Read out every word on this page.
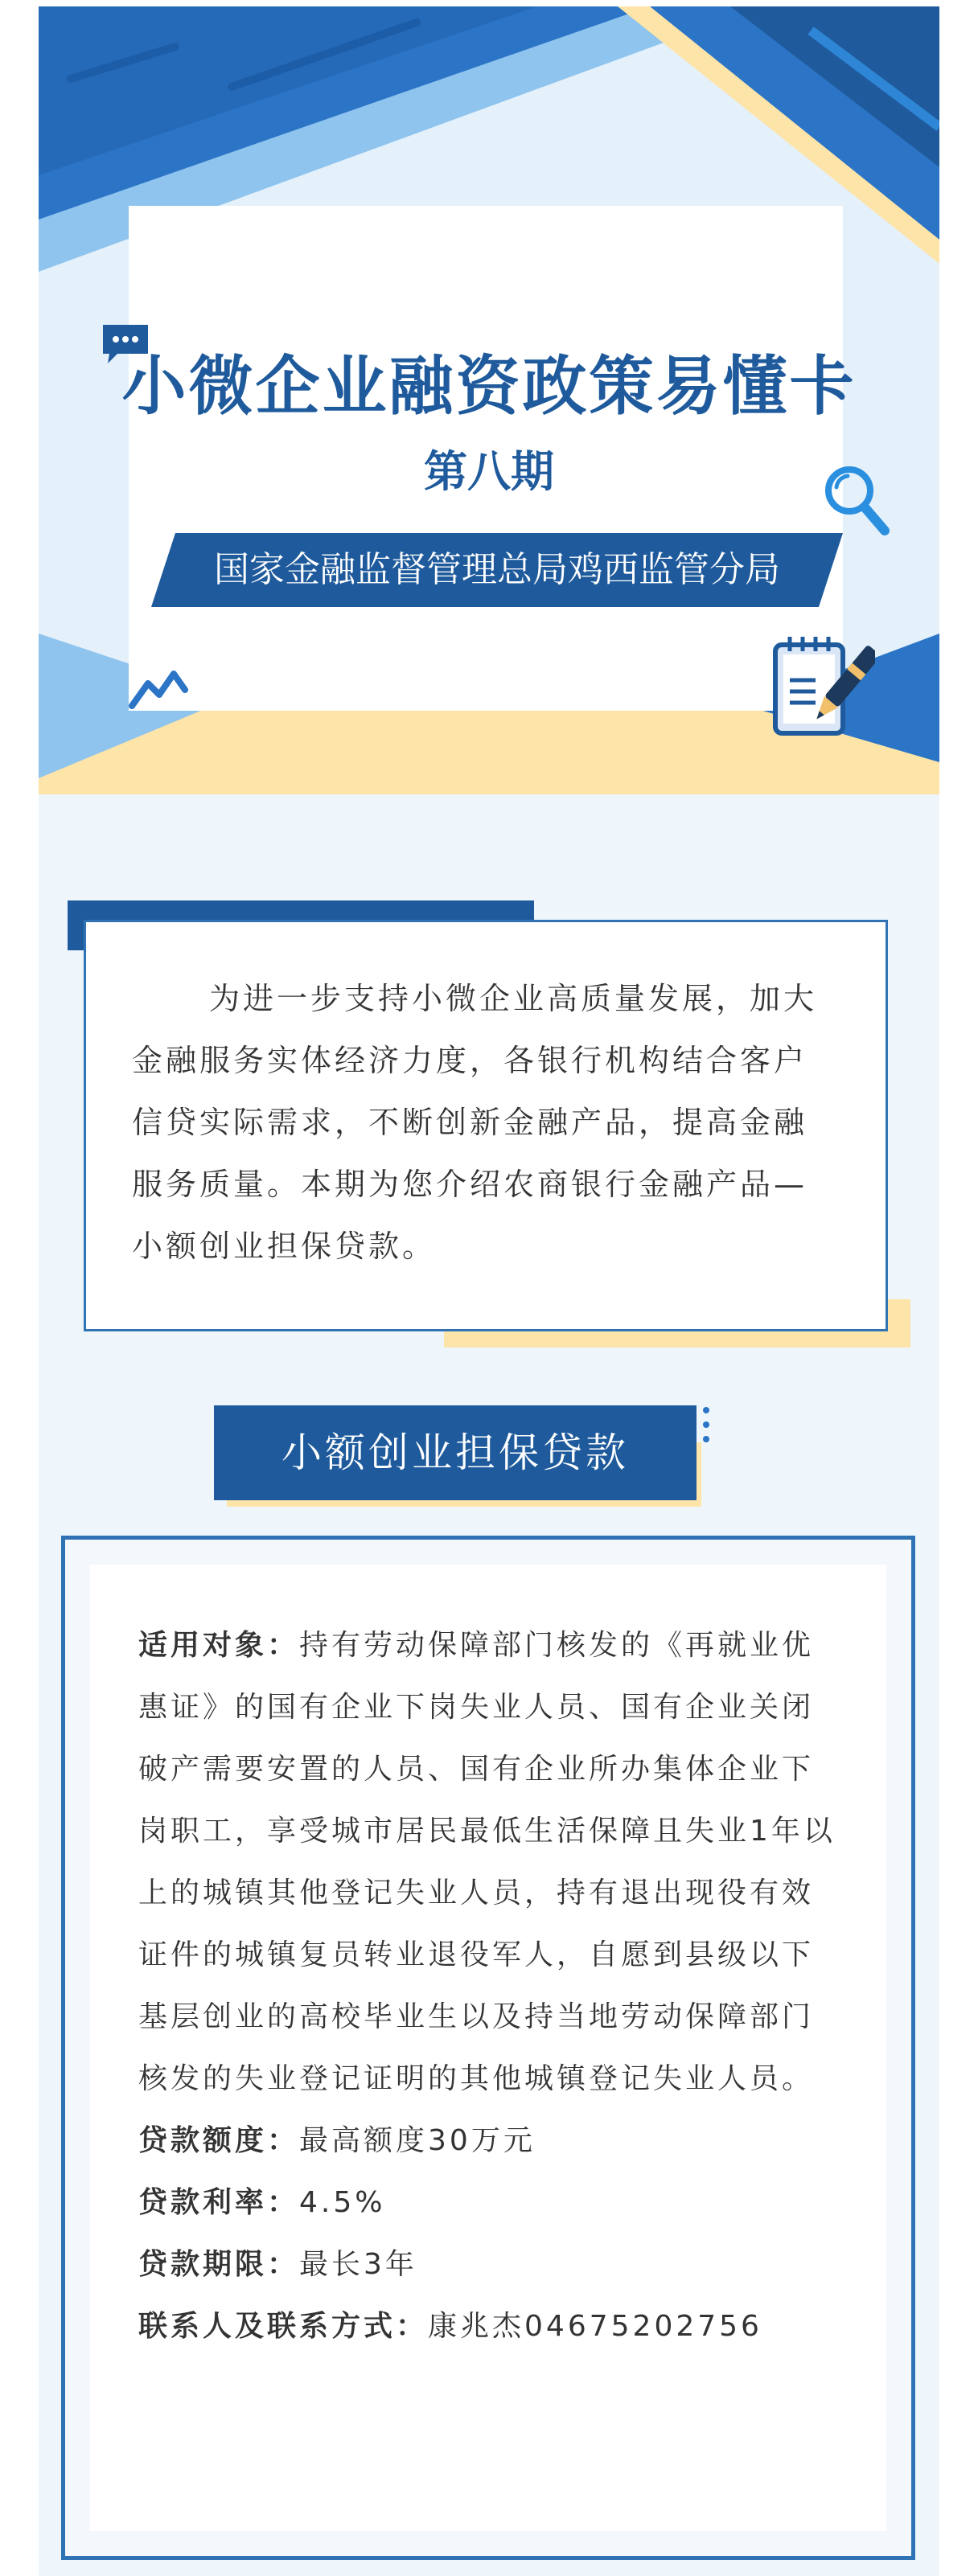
小微企业融资政策易懂卡
第八期
国家金融监督管理总局鸡西监管分局
为进一步支持小微企业高质量发展，加大金融服务实体经济力度，各银行机构结合客户信贷实际需求，不断创新金融产品，提高金融服务质量。本期为您介绍农商银行金融产品—小额创业担保贷款。
小额创业担保贷款

适用对象：持有劳动保障部门核发的《再就业优惠证》的国有企业下岗失业人员、国有企业关闭破产需要安置的人员、国有企业所办集体企业下岗职工，享受城市居民最低生活保障且失业1年以上的城镇其他登记失业人员，持有退出现役有效证件的城镇复员转业退役军人，自愿到县级以下基层创业的高校毕业生以及持当地劳动保障部门核发的失业登记证明的其他城镇登记失业人员。

贷款额度：最高额度30万元

贷款利率：4.5%

贷款期限：最长3年

联系人及联系方式：康兆杰04675202756
